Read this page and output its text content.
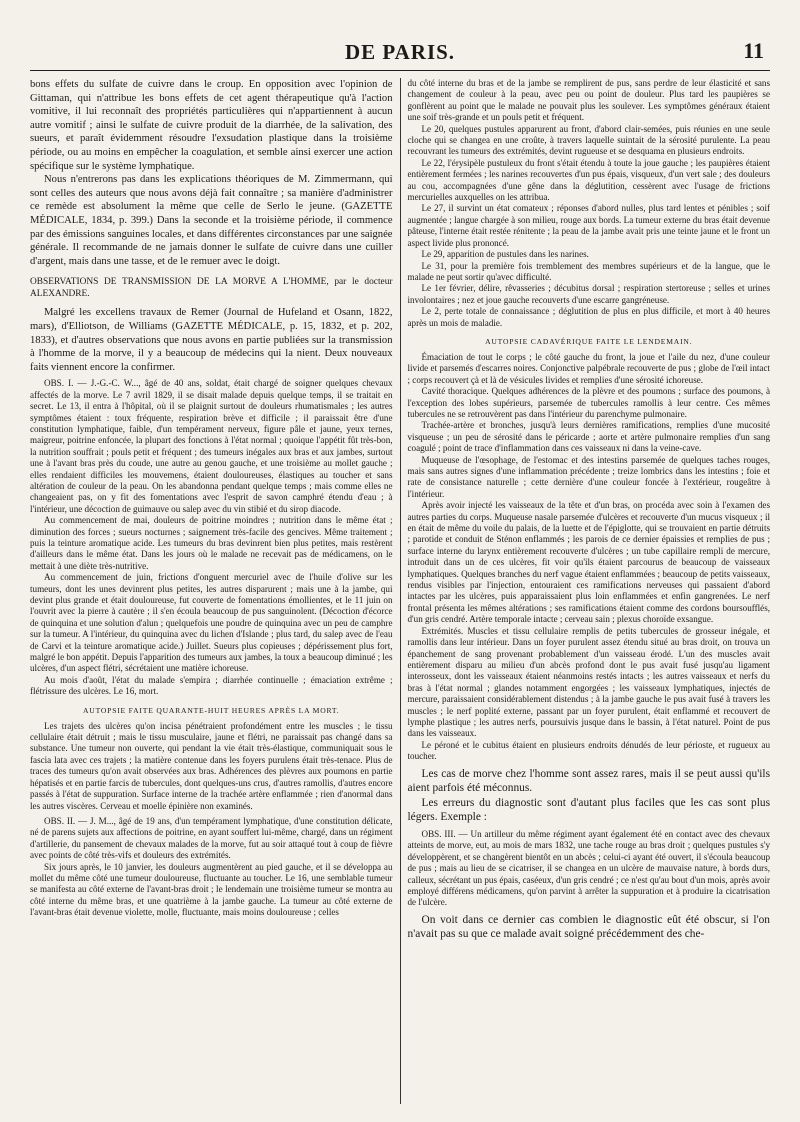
DE PARIS.	11

bons effets du sulfate de cuivre dans le croup. En opposition avec l'opinion de Gittaman, qui n'attribue les bons effets de cet agent thérapeutique qu'à l'action vomitive, il lui reconnaît des propriétés particulières qui n'appartiennent à aucun autre vomitif ; ainsi le sulfate de cuivre produit de la diarrhée, de la salivation, des sueurs, et paraît évidemment résoudre l'exsudation plastique dans la troisième période, ou au moins en empêcher la coagulation, et semble ainsi exercer une action spécifique sur le système lymphatique.

Nous n'entrerons pas dans les explications théoriques de M. Zimmermann, qui sont celles des auteurs que nous avons déjà fait connaître ; sa manière d'administrer ce remède est absolument la même que celle de Serlo le jeune. (GAZETTE MÉDICALE, 1834, p. 399.) Dans la seconde et la troisième période, il commence par des émissions sanguines locales, et dans différentes circonstances par une saignée générale. Il recommande de ne jamais donner le sulfate de cuivre dans une cuiller d'argent, mais dans une tasse, et de le remuer avec le doigt.

OBSERVATIONS DE TRANSMISSION DE LA MORVE A L'HOMME, par le docteur ALEXANDRE.

Malgré les excellens travaux de Remer (Journal de Hufeland et Osann, 1822, mars), d'Elliotson, de Williams (GAZETTE MÉDICALE, p. 15, 1832, et p. 202, 1833), et d'autres observations que nous avons en partie publiées sur la transmission à l'homme de la morve, il y a beaucoup de médecins qui la nient. Deux nouveaux faits viennent encore la confirmer.

OBS. I. — J.-G.-C. W..., âgé de 40 ans, soldat, était chargé de soigner quelques chevaux affectés de la morve. Le 7 avril 1829, il se disait malade depuis quelque temps, il se traitait en secret. Le 13, il entra à l'hôpital, où il se plaignit surtout de douleurs rhumatismales ; les autres symptômes étaient : toux fréquente, respiration brève et difficile ; il paraissait être d'une constitution lymphatique, faible, d'un tempérament nerveux, figure pâle et jaune, yeux ternes, maigreur, poitrine enfoncée, la plupart des fonctions à l'état normal ; quoique l'appétit fût très-bon, la nutrition souffrait ; pouls petit et fréquent ; des tumeurs inégales aux bras et aux jambes, surtout une à l'avant bras près du coude, une autre au genou gauche, et une troisième au mollet gauche ; elles rendaient difficiles les mouvemens, étaient douloureuses, élastiques au toucher et sans altération de couleur de la peau. On les abandonna pendant quelque temps ; mais comme elles ne changeaient pas, on y fit des fomentations avec l'esprit de savon camphré étendu d'eau ; à l'intérieur, une décoction de guimauve ou salep avec du vin stibié et du sirop diacode.

Au commencement de mai, douleurs de poitrine moindres ; nutrition dans le même état ; diminution des forces ; sueurs nocturnes ; saignement très-facile des gencives. Même traitement ; puis la teinture aromatique acide. Les tumeurs du bras devinrent bien plus petites, mais restèrent d'ailleurs dans le même état. Dans les jours où le malade ne recevait pas de médicamens, on le mettait à une diète très-nutritive.

Au commencement de juin, frictions d'onguent mercuriel avec de l'huile d'olive sur les tumeurs, dont les unes devinrent plus petites, les autres disparurent ; mais une à la jambe, qui devint plus grande et était douloureuse, fut couverte de fomentations émollientes, et le 11 juin on l'ouvrit avec la pierre à cautère ; il s'en écoula beaucoup de pus sanguinolent. (Décoction d'écorce de quinquina et une solution d'alun ; quelquefois une poudre de quinquina avec un peu de camphre sur la tumeur. A l'intérieur, du quinquina avec du lichen d'Islande ; plus tard, du salep avec de l'eau de Carvi et la teinture aromatique acide.) Juillet. Sueurs plus copieuses ; dépérissement plus fort, malgré le bon appétit. Depuis l'apparition des tumeurs aux jambes, la toux a beaucoup diminué ; les ulcères, d'un aspect flétri, sécrétaient une matière ichoreuse.

Au mois d'août, l'état du malade s'empira ; diarrhée continuelle ; émaciation extrême ; flétrissure des ulcères. Le 16, mort.

AUTOPSIE FAITE QUARANTE-HUIT HEURES APRÈS LA MORT.

Les trajets des ulcères qu'on incisa pénétraient profondément entre les muscles ; le tissu cellulaire était détruit ; mais le tissu musculaire, jaune et flétri, ne paraissait pas changé dans sa substance. Une tumeur non ouverte, qui pendant la vie était très-élastique, communiquait sous le fascia lata avec ces trajets ; la matière contenue dans les foyers purulens était très-tenace. Plus de traces des tumeurs qu'on avait observées aux bras. Adhérences des plèvres aux poumons en partie hépatisés et en partie farcis de tubercules, dont quelques-uns crus, d'autres ramollis, d'autres encore passés à l'état de suppuration. Surface interne de la trachée artère enflammée ; rien d'anormal dans les autres viscères. Cerveau et moelle épinière non examinés.

OBS. II. — J. M..., âgé de 19 ans, d'un tempérament lymphatique, d'une constitution délicate, né de parens sujets aux affections de poitrine, en ayant souffert lui-même, chargé, dans un régiment d'artillerie, du pansement de chevaux malades de la morve, fut au soir attaqué tout à coup de fièvre avec points de côté très-vifs et douleurs des extrémités.

Six jours après, le 10 janvier, les douleurs augmentèrent au pied gauche, et il se développa au mollet du même côté une tumeur douloureuse, fluctuante au toucher. Le 16, une semblable tumeur se manifesta au côté externe de l'avant-bras droit ; le lendemain une troisième tumeur se montra au côté interne du même bras, et une quatrième à la jambe gauche. La tumeur au côté externe de l'avant-bras était devenue violette, molle, fluctuante, mais moins douloureuse ; celles

du côté interne du bras et de la jambe se remplirent de pus, sans perdre de leur élasticité et sans changement de couleur à la peau, avec peu ou point de douleur. Plus tard les paupières se gonflèrent au point que le malade ne pouvait plus les soulever. Les symptômes généraux étaient une soif très-grande et un pouls petit et fréquent.

Le 20, quelques pustules apparurent au front, d'abord clair-semées, puis réunies en une seule cloche qui se changea en une croûte, à travers laquelle suintait de la sérosité purulente. La peau recouvrant les tumeurs des extrémités, devint rugueuse et se desquama en plusieurs endroits.

Le 22, l'érysipèle pustuleux du front s'était étendu à toute la joue gauche ; les paupières étaient entièrement fermées ; les narines recouvertes d'un pus épais, visqueux, d'un vert sale ; des douleurs au cou, accompagnées d'une gêne dans la déglutition, cessèrent avec l'usage de frictions mercurielles auxquelles on les attribua.

Le 27, il survint un état comateux ; réponses d'abord nulles, plus tard lentes et pénibles ; soif augmentée ; langue chargée à son milieu, rouge aux bords. La tumeur externe du bras était devenue pâteuse, l'interne était restée rénitente ; la peau de la jambe avait pris une teinte jaune et le front un aspect livide plus prononcé.

Le 29, apparition de pustules dans les narines.

Le 31, pour la première fois tremblement des membres supérieurs et de la langue, que le malade ne peut sortir qu'avec difficulté.

Le 1er février, délire, rêvasseries ; décubitus dorsal ; respiration stertoreuse ; selles et urines involontaires ; nez et joue gauche recouverts d'une escarre gangréneuse.

Le 2, perte totale de connaissance ; déglutition de plus en plus difficile, et mort à 40 heures après un mois de maladie.

AUTOPSIE CADAVÉRIQUE FAITE LE LENDEMAIN.

Émaciation de tout le corps ; le côté gauche du front, la joue et l'aile du nez, d'une couleur livide et parsemés d'escarres noires. Conjonctive palpébrale recouverte de pus ; globe de l'œil intact ; corps recouvert çà et là de vésicules livides et remplies d'une sérosité ichoreuse.

Cavité thoracique. Quelques adhérences de la plèvre et des poumons ; surface des poumons, à l'exception des lobes supérieurs, parsemée de tubercules ramollis à leur centre. Ces mêmes tubercules ne se retrouvèrent pas dans l'intérieur du parenchyme pulmonaire.

Trachée-artère et bronches, jusqu'à leurs dernières ramifications, remplies d'une mucosité visqueuse ; un peu de sérosité dans le péricarde ; aorte et artère pulmonaire remplies d'un sang coagulé ; point de trace d'inflammation dans ces vaisseaux ni dans la veine-cave.

Muqueuse de l'œsophage, de l'estomac et des intestins parsemée de quelques taches rouges, mais sans autres signes d'une inflammation précédente ; treize lombrics dans les intestins ; foie et rate de consistance naturelle ; cette dernière d'une couleur foncée à l'extérieur, rougeâtre à l'intérieur.

Après avoir injecté les vaisseaux de la tête et d'un bras, on procéda avec soin à l'examen des autres parties du corps. Muqueuse nasale parsemée d'ulcères et recouverte d'un mucus visqueux ; il en était de même du voile du palais, de la luette et de l'épiglotte, qui se trouvaient en partie détruits ; parotide et conduit de Sténon enflammés ; les parois de ce dernier épaissies et remplies de pus ; surface interne du larynx entièrement recouverte d'ulcères ; un tube capillaire rempli de mercure, introduit dans un de ces ulcères, fit voir qu'ils étaient parcourus de beaucoup de vaisseaux lymphatiques. Quelques branches du nerf vague étaient enflammées ; beaucoup de petits vaisseaux, rendus visibles par l'injection, entouraient ces ramifications nerveuses qui passaient d'abord intactes par les ulcères, puis apparaissaient plus loin enflammées et enfin gangrenées. Le nerf frontal présenta les mêmes altérations ; ses ramifications étaient comme des cordons boursoufflés, d'un gris cendré. Artère temporale intacte ; cerveau sain ; plexus choroïde exsangue.

Extrémités. Muscles et tissu cellulaire remplis de petits tubercules de grosseur inégale, et ramollis dans leur intérieur. Dans un foyer purulent assez étendu situé au bras droit, on trouva un épanchement de sang provenant probablement d'un vaisseau érodé. L'un des muscles avait entièrement disparu au milieu d'un abcès profond dont le pus avait fusé jusqu'au ligament interosseux, dont les vaisseaux étaient néanmoins restés intacts ; les autres vaisseaux et nerfs du bras à l'état normal ; glandes notamment engorgées ; les vaisseaux lymphatiques, injectés de mercure, paraissaient considérablement distendus ; à la jambe gauche le pus avait fusé à travers les muscles ; le nerf poplité externe, passant par un foyer purulent, était enflammé et recouvert de lymphe plastique ; les autres nerfs, poursuivis jusque dans le bassin, à l'état naturel. Point de pus dans les vaisseaux.

Le péroné et le cubitus étaient en plusieurs endroits dénudés de leur périoste, et rugueux au toucher.

Les cas de morve chez l'homme sont assez rares, mais il se peut aussi qu'ils aient parfois été méconnus.

Les erreurs du diagnostic sont d'autant plus faciles que les cas sont plus légers. Exemple :

OBS. III. — Un artilleur du même régiment ayant également été en contact avec des chevaux atteints de morve, eut, au mois de mars 1832, une tache rouge au bras droit ; quelques pustules s'y développèrent, et se changèrent bientôt en un abcès ; celui-ci ayant été ouvert, il s'écoula beaucoup de pus ; mais au lieu de se cicatriser, il se changea en un ulcère de mauvaise nature, à bords durs, calleux, sécrétant un pus épais, caséeux, d'un gris cendré ; ce n'est qu'au bout d'un mois, après avoir employé différens médicamens, qu'on parvint à arrêter la suppuration et à produire la cicatrisation de l'ulcère.

On voit dans ce dernier cas combien le diagnostic eût été obscur, si l'on n'avait pas su que ce malade avait soigné précédemment des che-
